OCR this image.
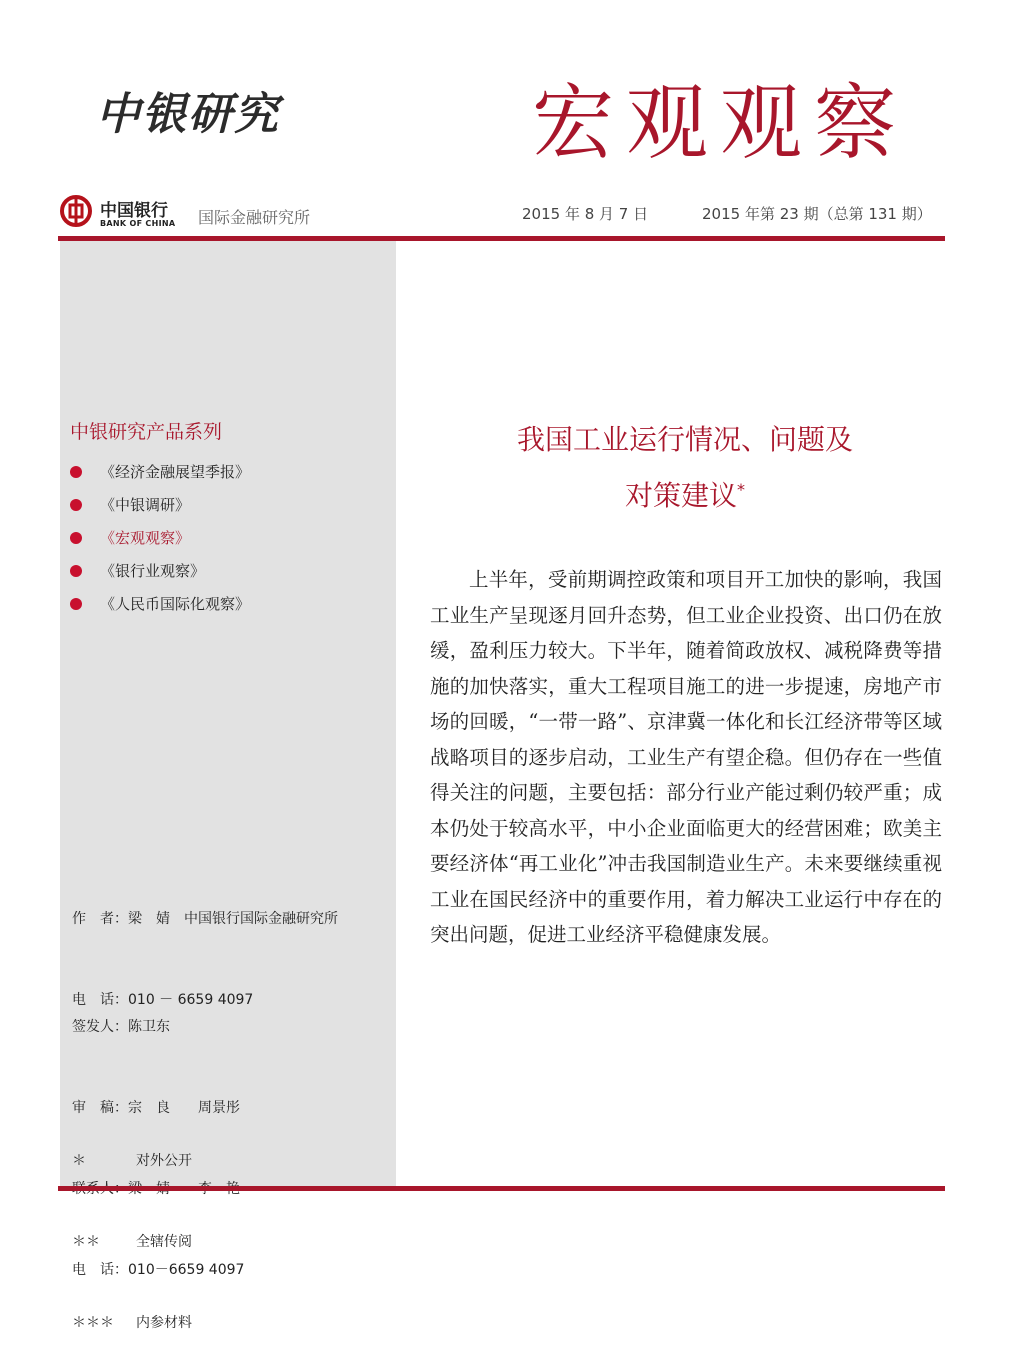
中银研究	宏观观察
中国银行
BANK OF CHINA 国际金融研究所	2015 年 8 月 7 日	2015 年第 23 期（总第 131 期）
中银研究产品系列
《经济金融展望季报》
《中银调研》
《宏观观察》
《银行业观察》
《人民币国际化观察》

作　者：梁　婧　中国银行国际金融研究所

电　话：010 － 6659 4097

签发人：陈卫东

审　稿：宗　良　　周景彤

电　话：010－6659 4097

＊	对外公开

＊＊	全辖传阅

＊＊＊ 内参材料

我国工业运行情况、问题及
对策建议*

上半年，受前期调控政策和项目开工加快的影响，我国工业生产呈现逐月回升态势，但工业企业投资、出口仍在放缓，盈利压力较大。下半年，随着简政放权、减税降费等措施的加快落实，重大工程项目施工的进一步提速，房地产市场的回暖，“一带一路”、京津冀一体化和长江经济带等区域战略项目的逐步启动，工业生产有望企稳。但仍存在一些值得关注的问题，主要包括：部分行业产能过剩仍较严重；成本仍处于较高水平，中小企业面临更大的经营困难；欧美主要经济体“再工业化”冲击我国制造业生产。未来要继续重视工业在国民经济中的重要作用，着力解决工业运行中存在的突出问题，促进工业经济平稳健康发展。
